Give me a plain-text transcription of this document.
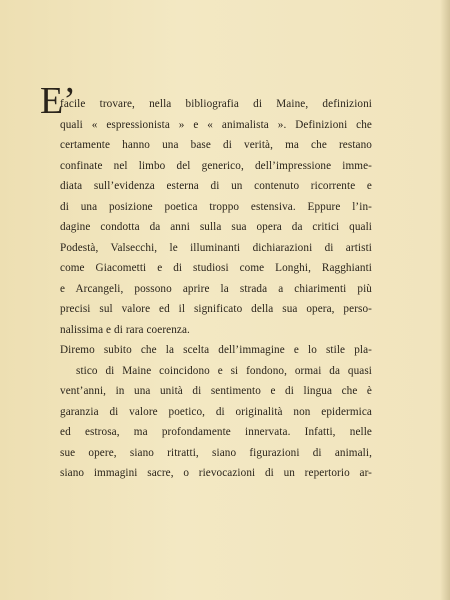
E’
facile trovare, nella bibliografia di Maine, definizioni
quali « espressionista » e « animalista ». Definizioni che
certamente hanno una base di verità, ma che restano
confinate nel limbo del generico, dell’impressione imme-
diata sull’evidenza esterna di un contenuto ricorrente e
di una posizione poetica troppo estensiva. Eppure l’in-
dagine condotta da anni sulla sua opera da critici quali
Podestà, Valsecchi, le illuminanti dichiarazioni di artisti
come Giacometti e di studiosi come Longhi, Ragghianti
e Arcangeli, possono aprire la strada a chiarimenti più
precisi sul valore ed il significato della sua opera, perso-
nalissima e di rara coerenza.
Diremo subito che la scelta dell’immagine e lo stile pla-
stico di Maine coincidono e si fondono, ormai da quasi
vent’anni, in una unità di sentimento e di lingua che è
garanzia di valore poetico, di originalità non epidermica
ed estrosa, ma profondamente innervata. Infatti, nelle
sue opere, siano ritratti, siano figurazioni di animali,
siano immagini sacre, o rievocazioni di un repertorio ar-
